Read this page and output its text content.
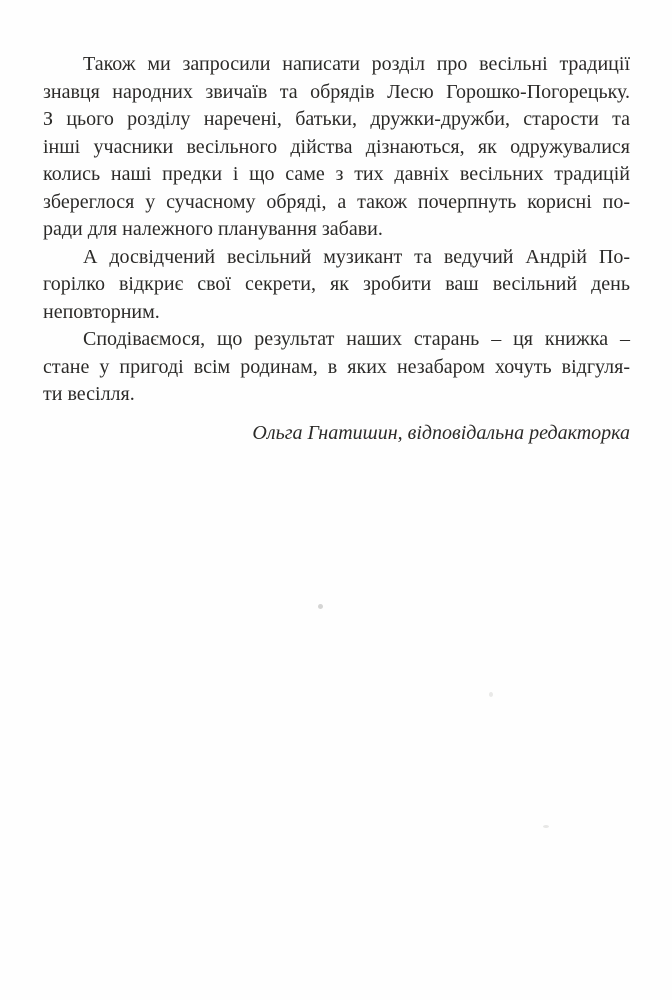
Також ми запросили написати розділ про весільні традиції
знавця народних звичаїв та обрядів Лесю Горошко-Погорецьку.
З цього розділу наречені, батьки, дружки-дружби, старости та
інші учасники весільного дійства дізнаються, як одружувалися
колись наші предки і що саме з тих давніх весільних традицій
збереглося у сучасному обряді, а також почерпнуть корисні по-
ради для належного планування забави.
А досвідчений весільний музикант та ведучий Андрій По-
горілко відкриє свої секрети, як зробити ваш весільний день
неповторним.
Сподіваємося, що результат наших старань – ця книжка –
стане у пригоді всім родинам, в яких незабаром хочуть відгуля-
ти весілля.
Ольга Гнатишин, відповідальна редакторка
